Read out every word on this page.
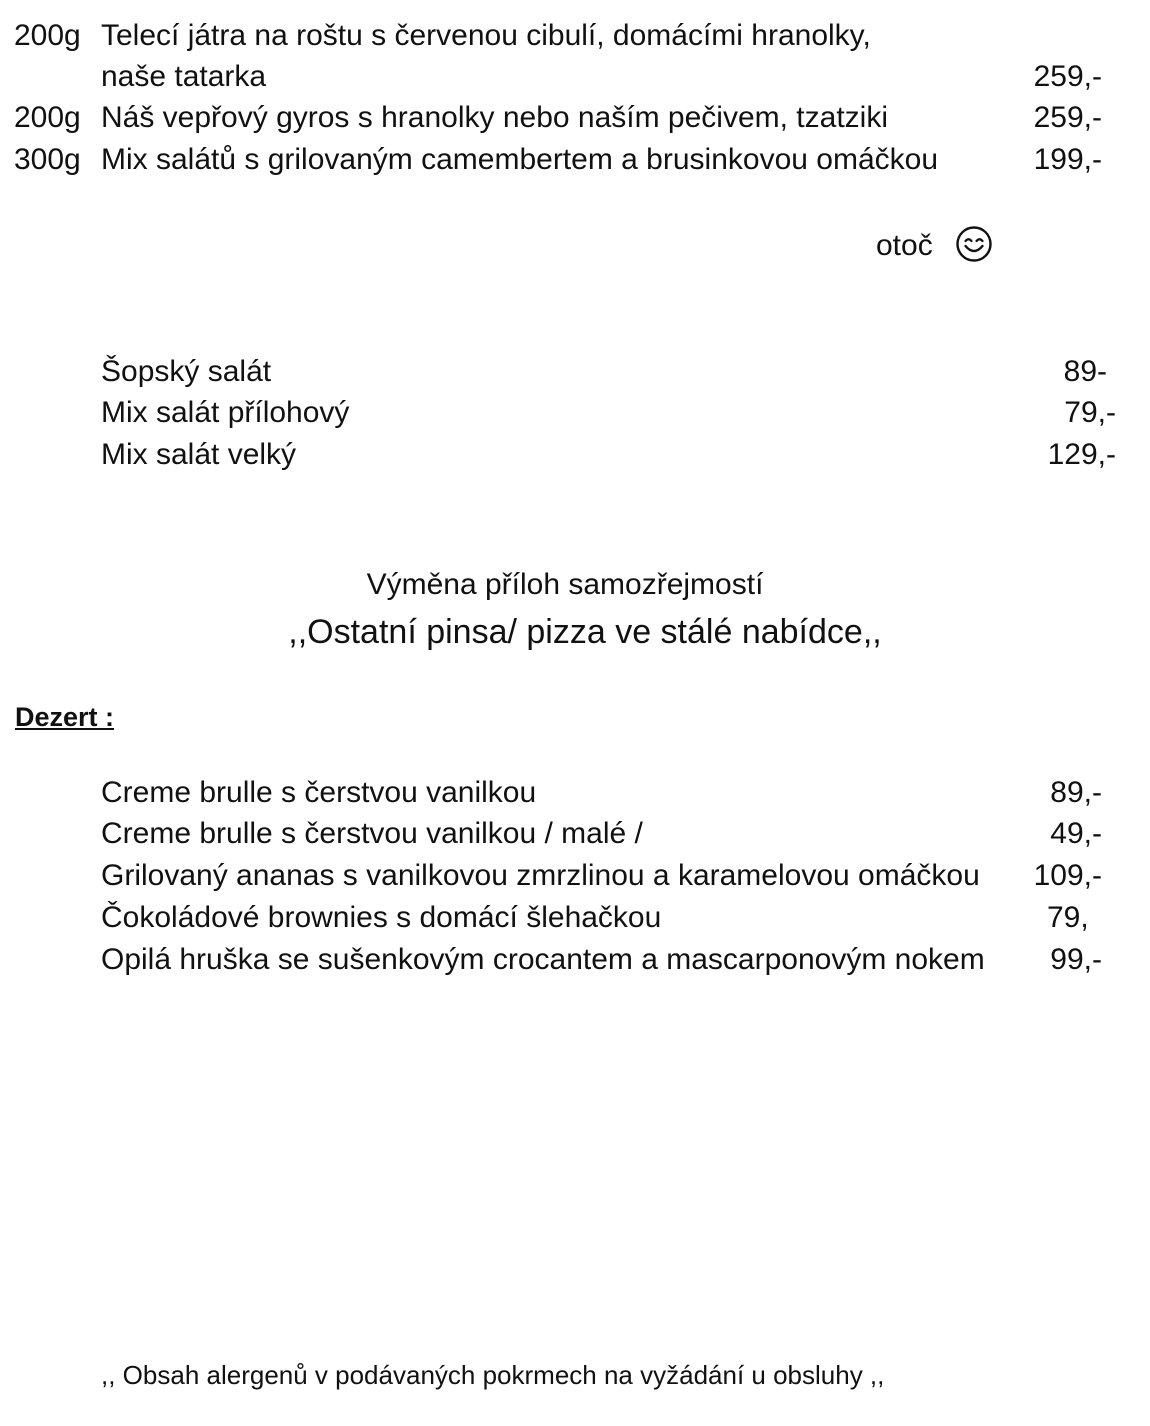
200g Telecí játra na roštu s červenou cibulí, domácími hranolky,
naše tatarka	259,-
200g Náš vepřový gyros s hranolky nebo naším pečivem, tzatziki	259,-
300g Mix salátů s grilovaným camembertem a brusinkovou omáčkou	199,-
otoč
Šopský salát	89-
Mix salát přílohový	79,-
Mix salát velký	129,-
Výměna příloh samozřejmostí
,,Ostatní pinsa/ pizza ve stálé nabídce,,
Dezert :
Creme brulle s čerstvou vanilkou	89,-
Creme brulle s čerstvou vanilkou / malé /	49,-
Grilovaný ananas s vanilkovou zmrzlinou a karamelovou omáčkou	109,-
Čokoládové brownies s domácí šlehačkou	79,
Opilá hruška se sušenkovým crocantem a mascarponovým nokem	99,-
,, Obsah alergenů v podávaných pokrmech na vyžádání u obsluhy ,,
